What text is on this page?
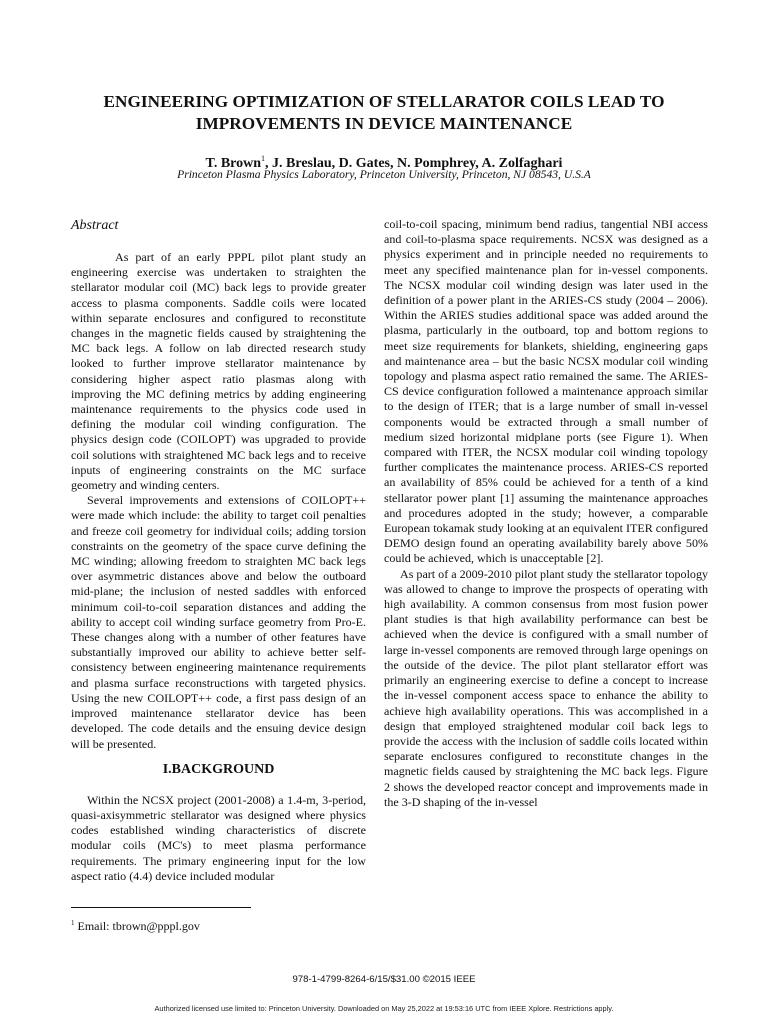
ENGINEERING OPTIMIZATION OF STELLARATOR COILS LEAD TO
IMPROVEMENTS IN DEVICE MAINTENANCE
T. Brown$^1$, J. Breslau, D. Gates, N. Pomphrey, A. Zolfaghari
Princeton Plasma Physics Laboratory, Princeton University, Princeton, NJ 08543, U.S.A

Abstract

As part of an early PPPL pilot plant study an engineering exercise was undertaken to straighten the stellarator modular coil (MC) back legs to provide greater access to plasma components. Saddle coils were located within separate enclosures and configured to reconstitute changes in the magnetic fields caused by straightening the MC back legs. A follow on lab directed research study looked to further improve stellarator maintenance by considering higher aspect ratio plasmas along with improving the MC defining metrics by adding engineering maintenance requirements to the physics code used in defining the modular coil winding configuration. The physics design code (COILOPT) was upgraded to provide coil solutions with straightened MC back legs and to receive inputs of engineering constraints on the MC surface geometry and winding centers.

Several improvements and extensions of COILOPT++ were made which include: the ability to target coil penalties and freeze coil geometry for individual coils; adding torsion constraints on the geometry of the space curve defining the MC winding; allowing freedom to straighten MC back legs over asymmetric distances above and below the outboard mid-plane; the inclusion of nested saddles with enforced minimum coil-to-coil separation distances and adding the ability to accept coil winding surface geometry from Pro-E. These changes along with a number of other features have substantially improved our ability to achieve better self-consistency between engineering maintenance requirements and plasma surface reconstructions with targeted physics. Using the new COILOPT++ code, a first pass design of an improved maintenance stellarator device has been developed. The code details and the ensuing device design will be presented.

I.BACKGROUND

Within the NCSX project (2001-2008) a 1.4-m, 3-period, quasi-axisymmetric stellarator was designed where physics codes established winding characteristics of discrete modular coils (MC's) to meet plasma performance requirements. The primary engineering input for the low aspect ratio (4.4) device included modular

coil-to-coil spacing, minimum bend radius, tangential NBI access and coil-to-plasma space requirements. NCSX was designed as a physics experiment and in principle needed no requirements to meet any specified maintenance plan for in-vessel components. The NCSX modular coil winding design was later used in the definition of a power plant in the ARIES-CS study (2004 – 2006). Within the ARIES studies additional space was added around the plasma, particularly in the outboard, top and bottom regions to meet size requirements for blankets, shielding, engineering gaps and maintenance area – but the basic NCSX modular coil winding topology and plasma aspect ratio remained the same. The ARIES-CS device configuration followed a maintenance approach similar to the design of ITER; that is a large number of small in-vessel components would be extracted through a small number of medium sized horizontal midplane ports (see Figure 1). When compared with ITER, the NCSX modular coil winding topology further complicates the maintenance process. ARIES-CS reported an availability of 85% could be achieved for a tenth of a kind stellarator power plant [1] assuming the maintenance approaches and procedures adopted in the study; however, a comparable European tokamak study looking at an equivalent ITER configured DEMO design found an operating availability barely above 50% could be achieved, which is unacceptable [2].

As part of a 2009-2010 pilot plant study the stellarator topology was allowed to change to improve the prospects of operating with high availability. A common consensus from most fusion power plant studies is that high availability performance can best be achieved when the device is configured with a small number of large in-vessel components are removed through large openings on the outside of the device. The pilot plant stellarator effort was primarily an engineering exercise to define a concept to increase the in-vessel component access space to enhance the ability to achieve high availability operations. This was accomplished in a design that employed straightened modular coil back legs to provide the access with the inclusion of saddle coils located within separate enclosures configured to reconstitute changes in the magnetic fields caused by straightening the MC back legs. Figure 2 shows the developed reactor concept and improvements made in the 3-D shaping of the in-vessel

$^1$ Email: tbrown@pppl.gov
978-1-4799-8264-6/15/$31.00 ©2015 IEEE
Authorized licensed use limited to: Princeton University. Downloaded on May 25,2022 at 19:53:16 UTC from IEEE Xplore. Restrictions apply.
